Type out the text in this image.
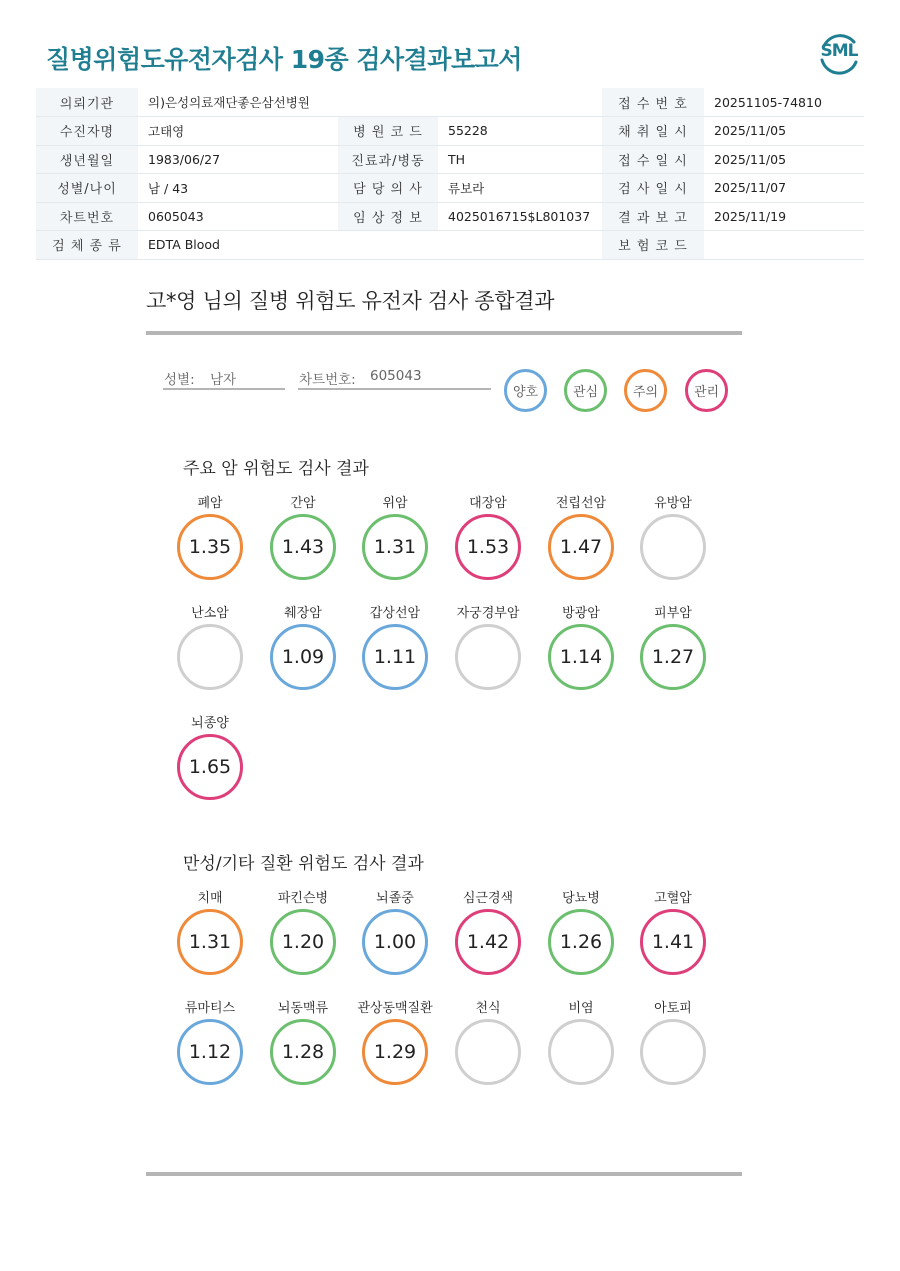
질병위험도유전자검사 19종 검사결과보고서	SML
의뢰기관	의)은성의료재단좋은삼선병원			접 수 번 호	20251105-74810
수진자명	고태영	병 원 코 드	55228	채 취 일 시	2025/11/05
생년월일	1983/06/27	진료과/병동	TH	접 수 일 시	2025/11/05
성별/나이	남 / 43	담 당 의 사	류보라	검 사 일 시	2025/11/07
차트번호	0605043	임 상 정 보	4025016715$L801037	결 과 보 고	2025/11/19
검 체 종 류	EDTA Blood			보 험 코 드	
고*영 님의 질병 위험도 유전자 검사 종합결과
성별: 남자	차트번호: 605043
양호	관심	주의	관리
주요 암 위험도 검사 결과
폐암
1.35
간암
1.43
위암
1.31
대장암
1.53
전립선암
1.47
유방암
난소암	췌장암
1.09
갑상선암
1.11
자궁경부암	방광암
1.14
피부암
1.27
뇌종양
1.65
만성/기타 질환 위험도 검사 결과
치매
1.31
파킨슨병
1.20
뇌졸중
1.00
심근경색
1.42
당뇨병
1.26
고혈압
1.41
류마티스
1.12
뇌동맥류
1.28
관상동맥질환
1.29
천식	비염	아토피
